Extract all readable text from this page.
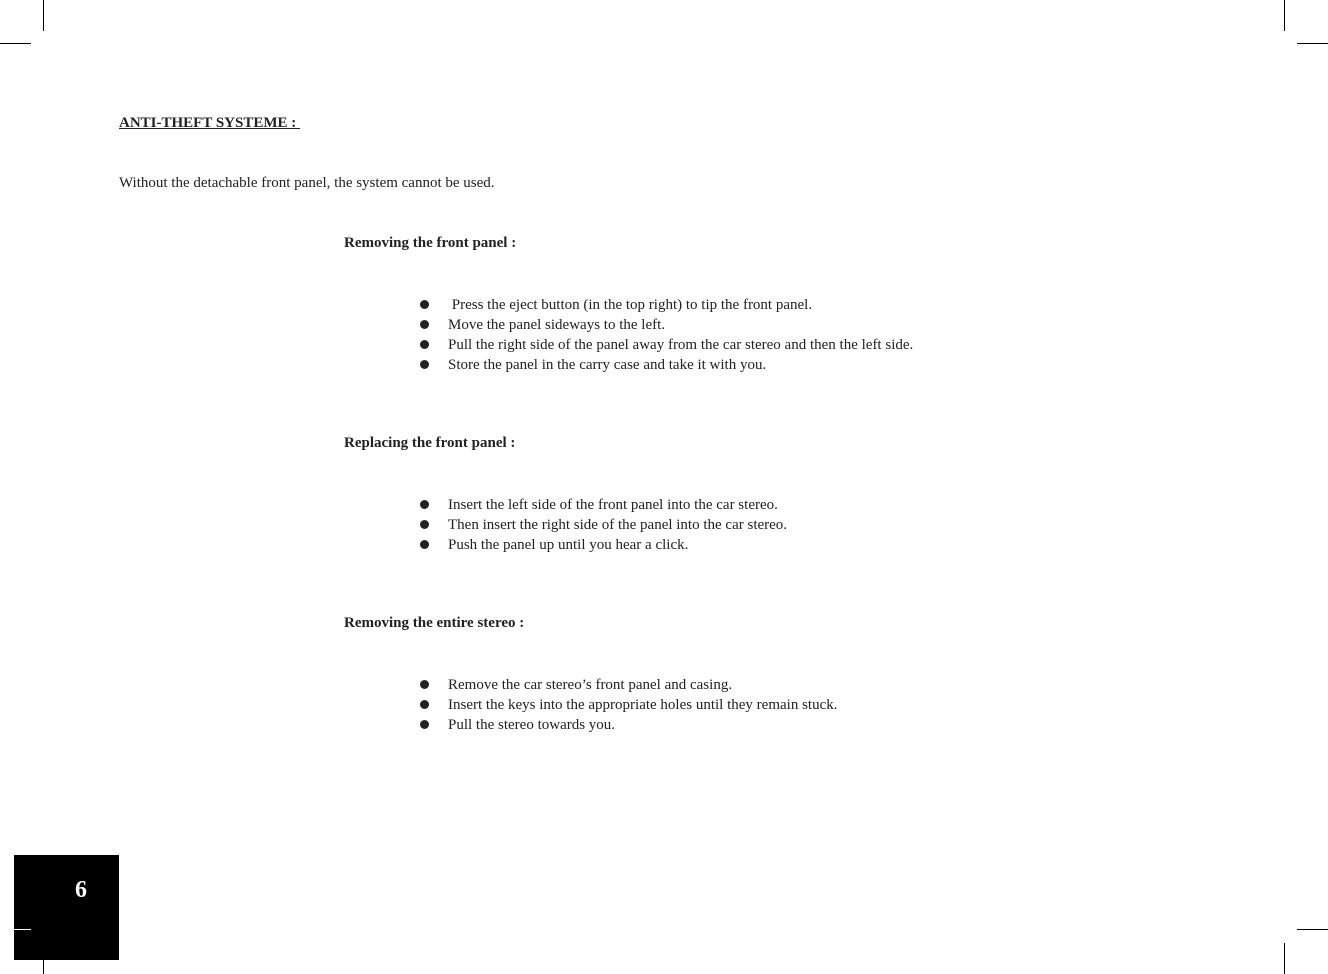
ANTI-THEFT SYSTEME :
Without the detachable front panel, the system cannot be used.
Removing the front panel :
Press the eject button (in the top right) to tip the front panel.
Move the panel sideways to the left.
Pull the right side of the panel away from the car stereo and then the left side.
Store the panel in the carry case and take it with you.
Replacing the front panel :
Insert the left side of the front panel into the car stereo.
Then insert the right side of the panel into the car stereo.
Push the panel up until you hear a click.
Removing the entire stereo :
Remove the car stereo’s front panel and casing.
Insert the keys into the appropriate holes until they remain stuck.
Pull the stereo towards you.
6
